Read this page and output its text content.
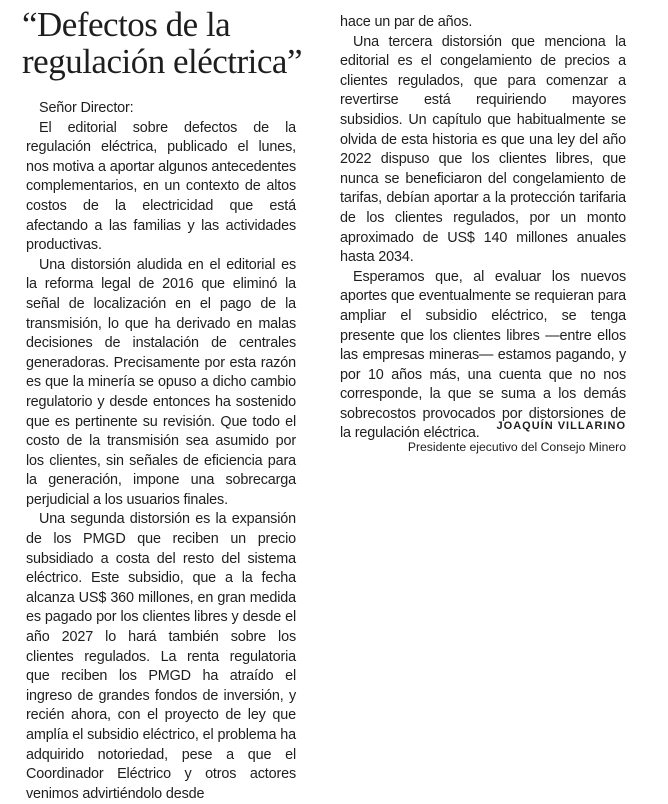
“Defectos de la regulación eléctrica”

Señor Director:

El editorial sobre defectos de la regulación eléctrica, publicado el lunes, nos motiva a aportar algunos antecedentes complementarios, en un contexto de altos costos de la electricidad que está afectando a las familias y las actividades productivas.

Una distorsión aludida en el editorial es la reforma legal de 2016 que eliminó la señal de localización en el pago de la transmisión, lo que ha derivado en malas decisiones de instalación de centrales generadoras. Precisamente por esta razón es que la minería se opuso a dicho cambio regulatorio y desde entonces ha sostenido que es pertinente su revisión. Que todo el costo de la transmisión sea asumido por los clientes, sin señales de eficiencia para la generación, impone una sobrecarga perjudicial a los usuarios finales.

Una segunda distorsión es la expansión de los PMGD que reciben un precio subsidiado a costa del resto del sistema eléctrico. Este subsidio, que a la fecha alcanza US$ 360 millones, en gran medida es pagado por los clientes libres y desde el año 2027 lo hará también sobre los clientes regulados. La renta regulatoria que reciben los PMGD ha atraído el ingreso de grandes fondos de inversión, y recién ahora, con el proyecto de ley que amplía el subsidio eléctrico, el problema ha adquirido notoriedad, pese a que el Coordinador Eléctrico y otros actores venimos advirtiéndolo desde

hace un par de años.

Una tercera distorsión que menciona la editorial es el congelamiento de precios a clientes regulados, que para comenzar a revertirse está requiriendo mayores subsidios. Un capítulo que habitualmente se olvida de esta historia es que una ley del año 2022 dispuso que los clientes libres, que nunca se beneficiaron del congelamiento de tarifas, debían aportar a la protección tarifaria de los clientes regulados, por un monto aproximado de US$ 140 millones anuales hasta 2034.

Esperamos que, al evaluar los nuevos aportes que eventualmente se requieran para ampliar el subsidio eléctrico, se tenga presente que los clientes libres —entre ellos las empresas mineras— estamos pagando, y por 10 años más, una cuenta que no nos corresponde, la que se suma a los demás sobrecostos provocados por distorsiones de la regulación eléctrica.	JOAQUÍN VILLARINO
Presidente ejecutivo del Consejo Minero
